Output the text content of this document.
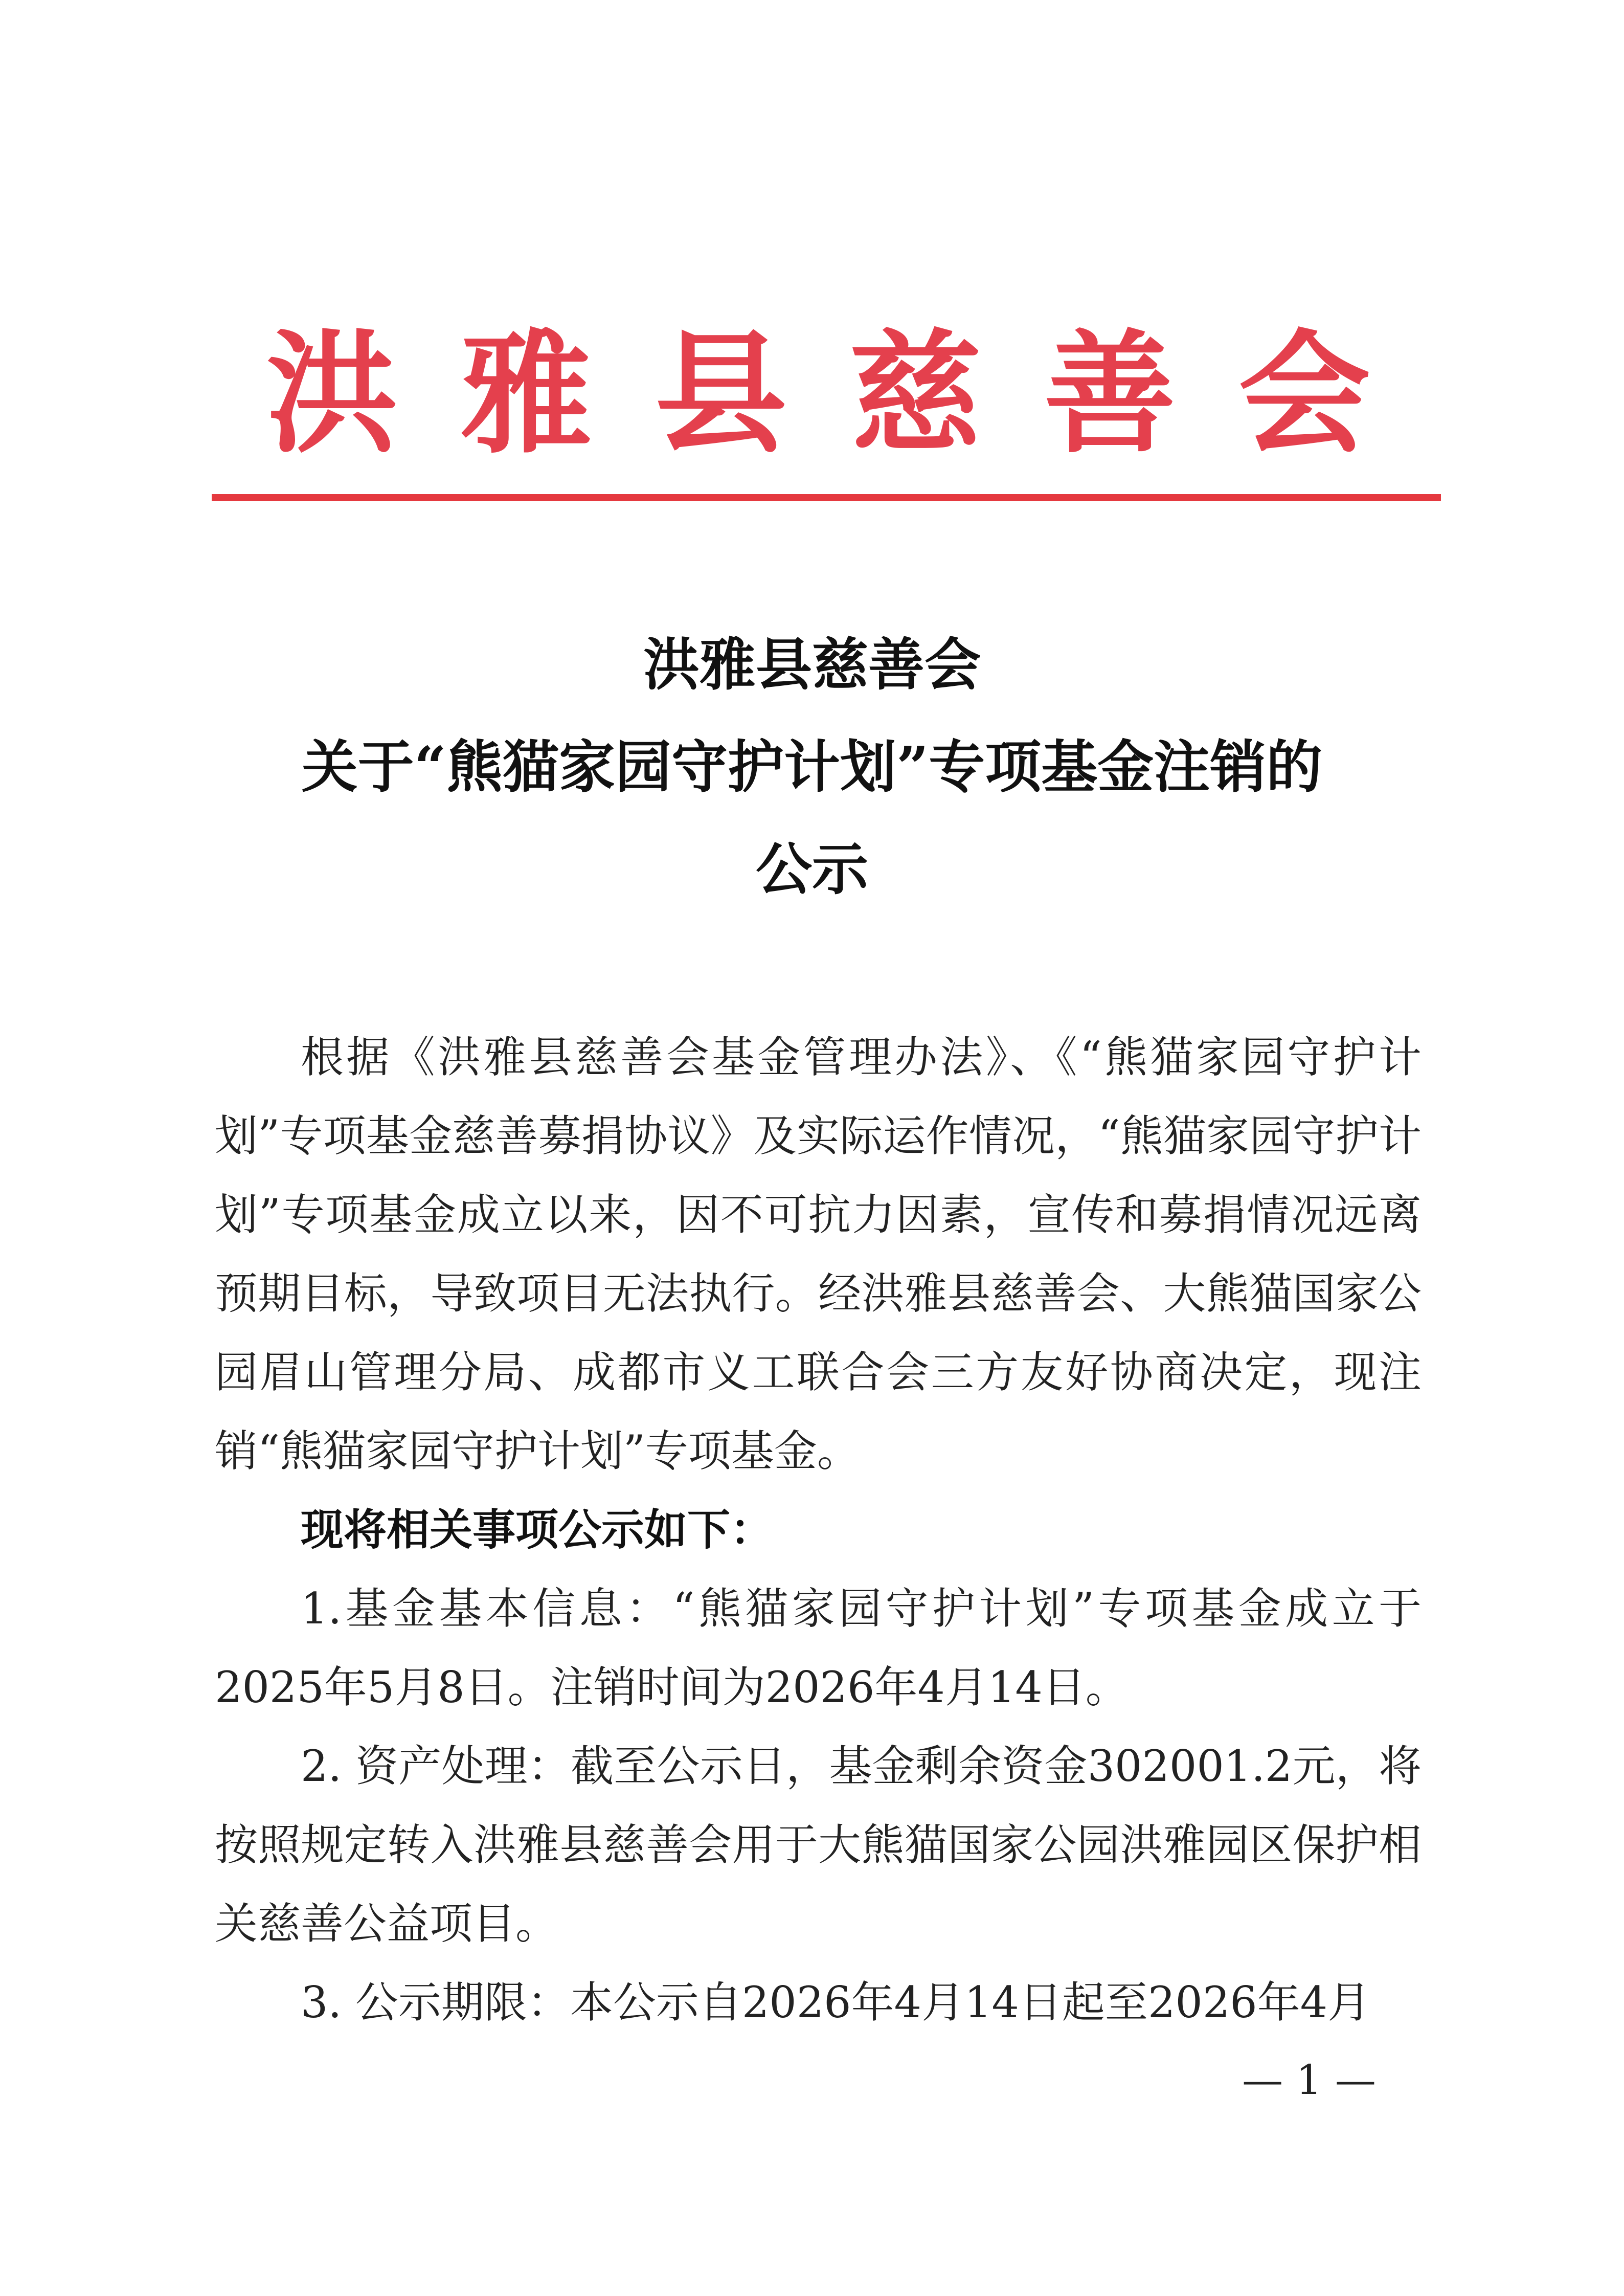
洪 雅 县 慈 善 会
洪雅县慈善会
关于“熊猫家园守护计划”专项基金注销的
公示

根据《洪雅县慈善会基金管理办法》、《“熊猫家园守护计划”专项基金慈善募捐协议》及实际运作情况，“熊猫家园守护计划”专项基金成立以来，因不可抗力因素，宣传和募捐情况远离预期目标，导致项目无法执行。经洪雅县慈善会、大熊猫国家公园眉山管理分局、成都市义工联合会三方友好协商决定，现注销“熊猫家园守护计划”专项基金。

现将相关事项公示如下：

1.基金基本信息：“熊猫家园守护计划”专项基金成立于2025年5月8日。注销时间为2026年4月14日。

2. 资产处理：截至公示日，基金剩余资金302001.2元，将按照规定转入洪雅县慈善会用于大熊猫国家公园洪雅园区保护相关慈善公益项目。

3. 公示期限：本公示自2026年4月14日起至2026年4月

— 1 —
